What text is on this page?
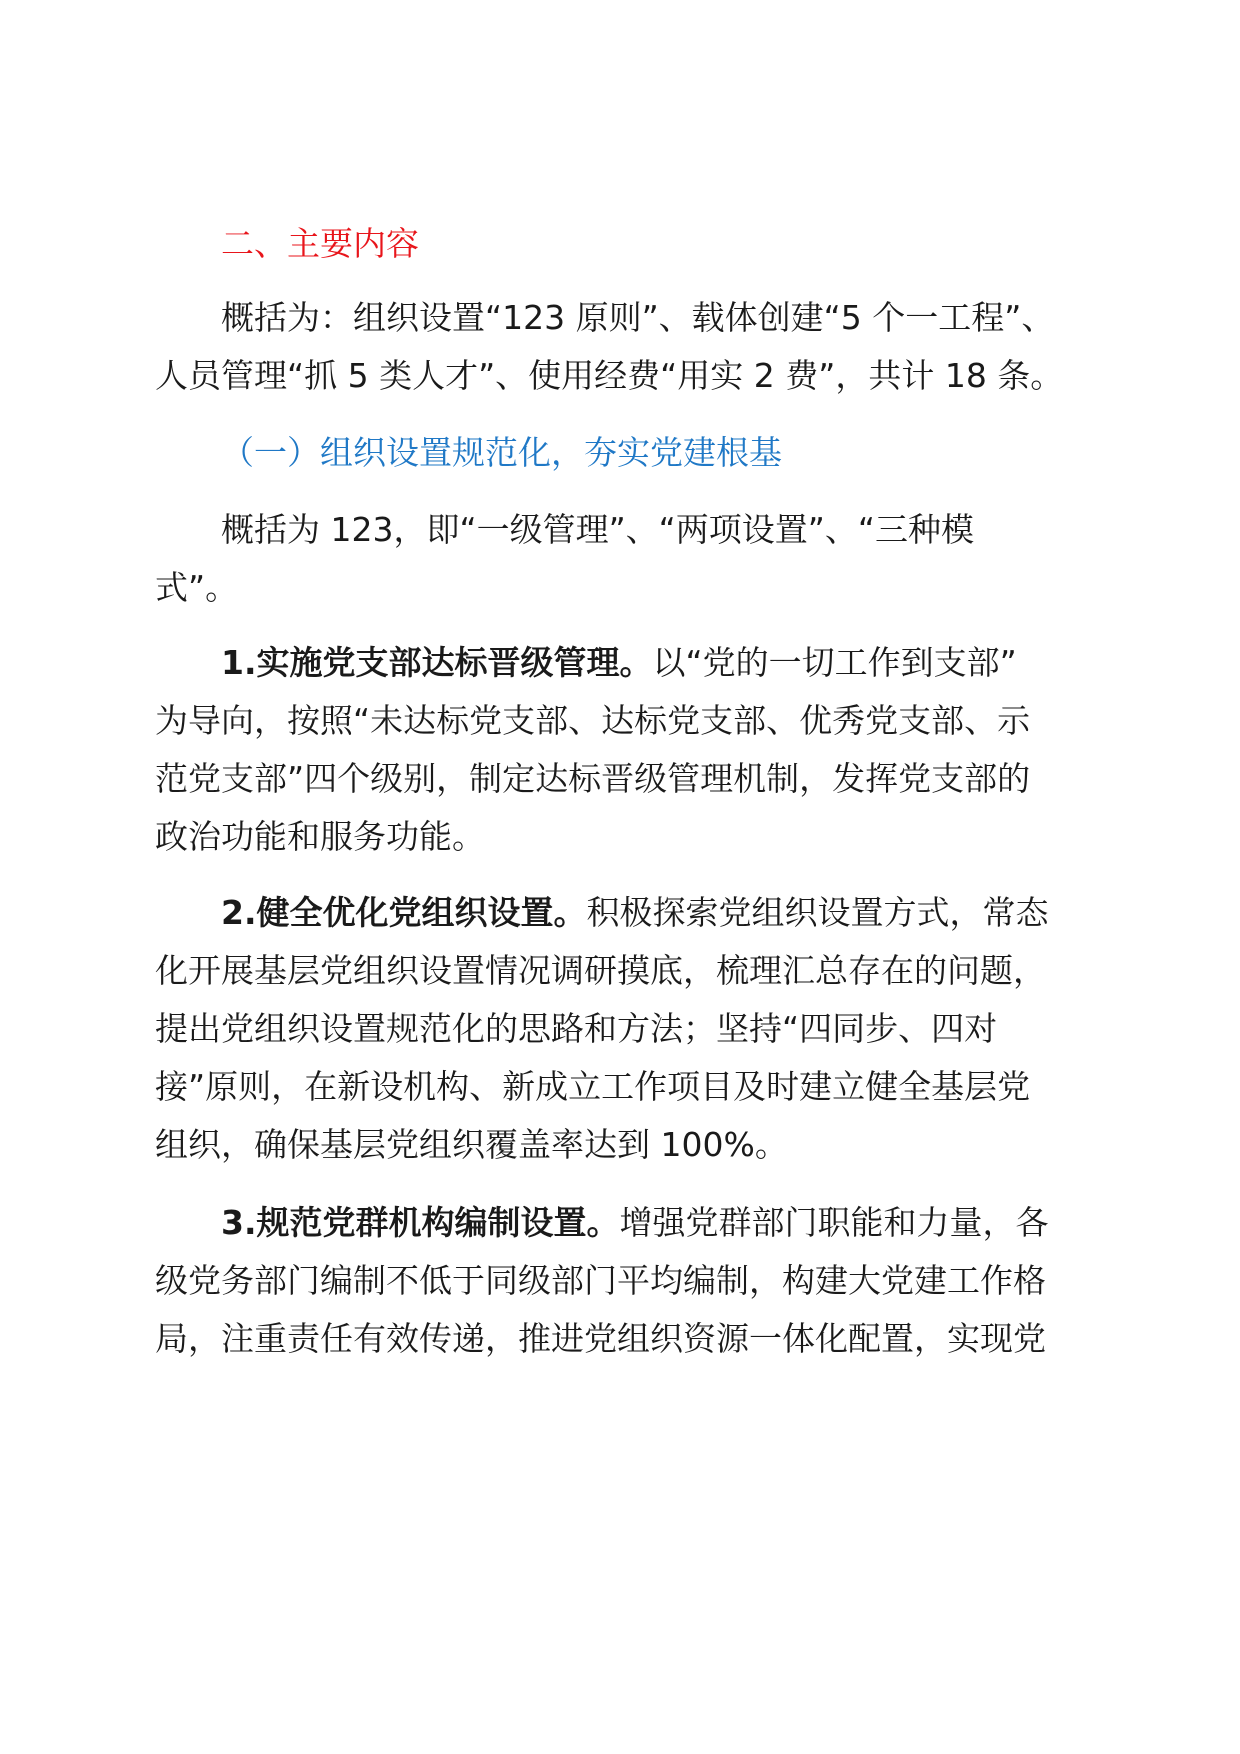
二、主要内容
概括为：组织设置“123 原则”、载体创建“5 个一工程”、
人员管理“抓 5 类人才”、使用经费“用实 2 费”，共计 18 条。
（一）组织设置规范化，夯实党建根基
概括为 123，即“一级管理”、“两项设置”、“三种模
式”。
1.实施党支部达标晋级管理。以“党的一切工作到支部”
为导向，按照“未达标党支部、达标党支部、优秀党支部、示
范党支部”四个级别，制定达标晋级管理机制，发挥党支部的
政治功能和服务功能。
2.健全优化党组织设置。积极探索党组织设置方式，常态
化开展基层党组织设置情况调研摸底，梳理汇总存在的问题，
提出党组织设置规范化的思路和方法；坚持“四同步、四对
接”原则，在新设机构、新成立工作项目及时建立健全基层党
组织，确保基层党组织覆盖率达到 100%。
3.规范党群机构编制设置。增强党群部门职能和力量，各
级党务部门编制不低于同级部门平均编制，构建大党建工作格
局，注重责任有效传递，推进党组织资源一体化配置，实现党
